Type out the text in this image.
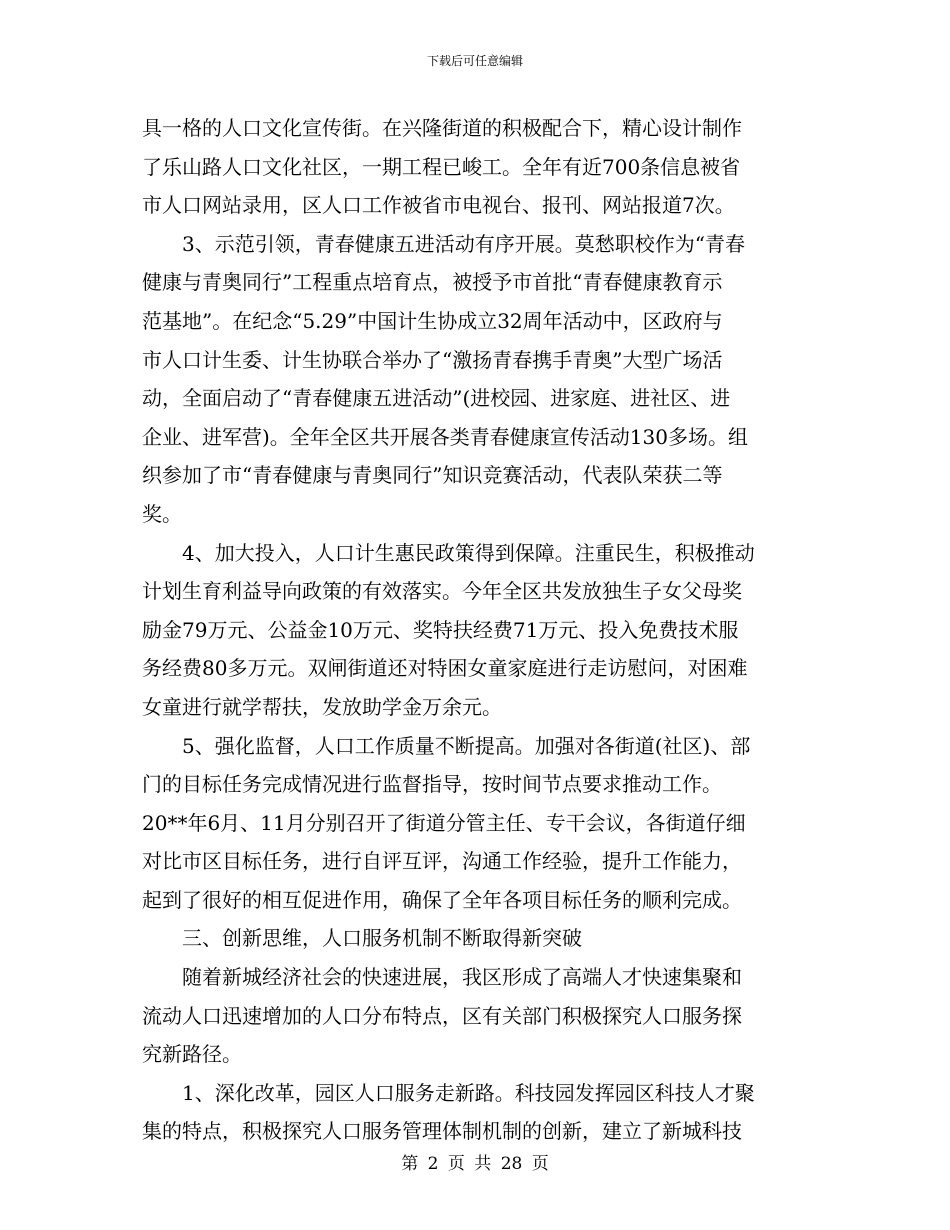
下载后可任意编辑
具一格的人口文化宣传街。在兴隆街道的积极配合下，精心设计制作
了乐山路人口文化社区，一期工程已峻工。全年有近700条信息被省
市人口网站录用，区人口工作被省市电视台、报刊、网站报道7次。
3、示范引领，青春健康五进活动有序开展。莫愁职校作为“青春
健康与青奥同行”工程重点培育点，被授予市首批“青春健康教育示
范基地”。在纪念“5.29”中国计生协成立32周年活动中，区政府与
市人口计生委、计生协联合举办了“激扬青春携手青奥”大型广场活
动，全面启动了“青春健康五进活动”(进校园、进家庭、进社区、进
企业、进军营)。全年全区共开展各类青春健康宣传活动130多场。组
织参加了市“青春健康与青奥同行”知识竞赛活动，代表队荣获二等
奖。
4、加大投入，人口计生惠民政策得到保障。注重民生，积极推动
计划生育利益导向政策的有效落实。今年全区共发放独生子女父母奖
励金79万元、公益金10万元、奖特扶经费71万元、投入免费技术服
务经费80多万元。双闸街道还对特困女童家庭进行走访慰问，对困难
女童进行就学帮扶，发放助学金万余元。
5、强化监督，人口工作质量不断提高。加强对各街道(社区)、部
门的目标任务完成情况进行监督指导，按时间节点要求推动工作。
20**年6月、11月分别召开了街道分管主任、专干会议，各街道仔细
对比市区目标任务，进行自评互评，沟通工作经验，提升工作能力，
起到了很好的相互促进作用，确保了全年各项目标任务的顺利完成。
三、创新思维，人口服务机制不断取得新突破
随着新城经济社会的快速进展，我区形成了高端人才快速集聚和
流动人口迅速增加的人口分布特点，区有关部门积极探究人口服务探
究新路径。
1、深化改革，园区人口服务走新路。科技园发挥园区科技人才聚
集的特点，积极探究人口服务管理体制机制的创新，建立了新城科技
第 2 页 共 28 页
